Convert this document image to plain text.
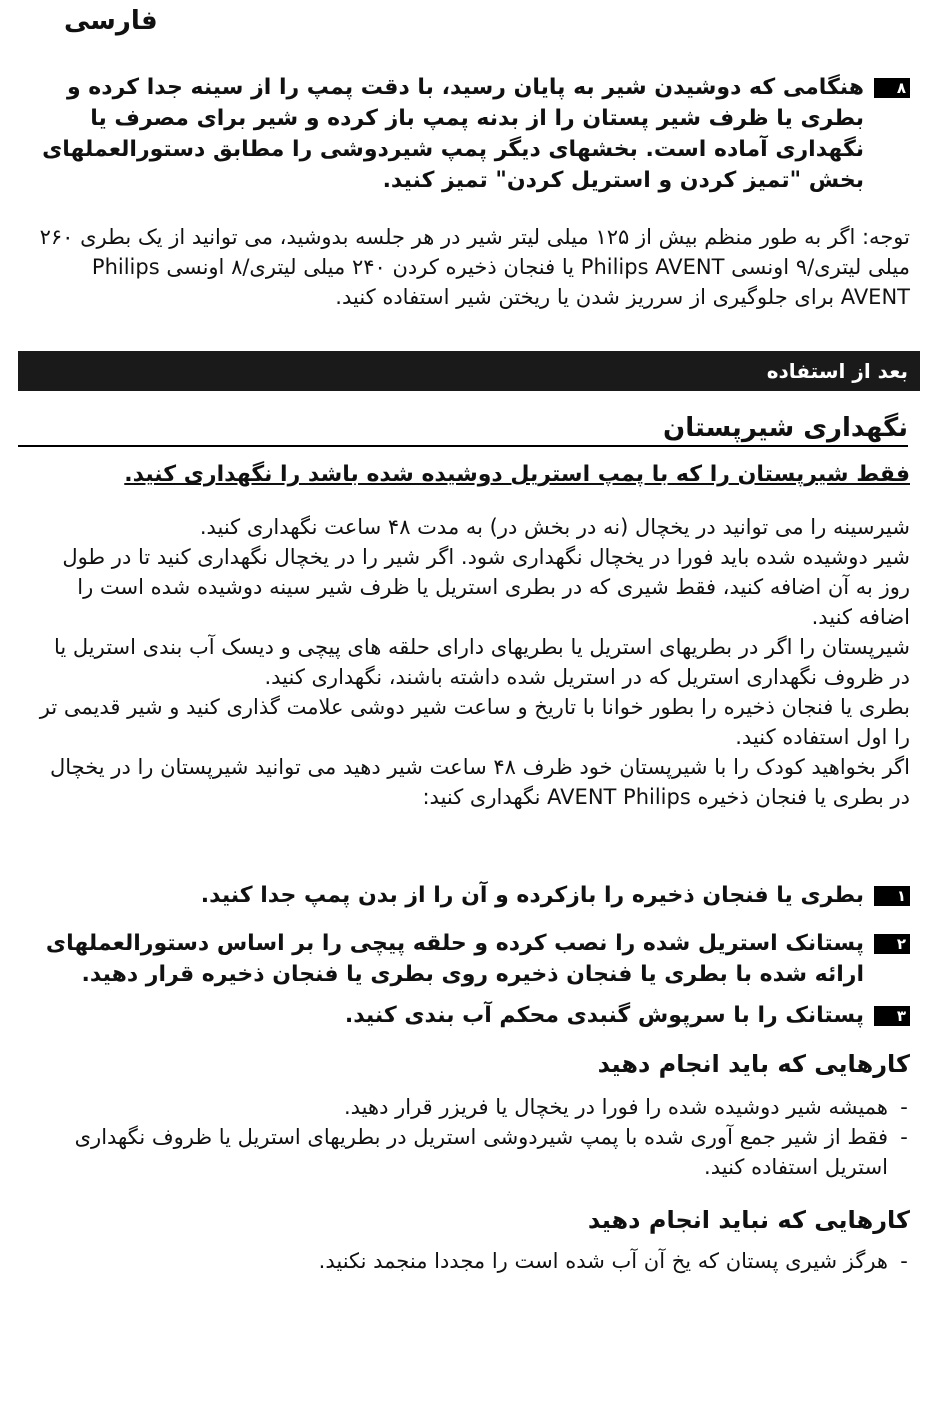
فارسی
۸
هنگامی که دوشیدن شیر به پایان رسید، با دقت پمپ را از سینه جدا کرده و بطری یا ظرف شیر پستان را از بدنه پمپ باز کرده و شیر برای مصرف یا نگهداری آماده است. بخشهای دیگر پمپ شیردوشی را مطابق دستورالعملهای بخش "تمیز کردن و استریل کردن" تمیز کنید.
توجه: اگر به طور منظم بیش از ۱۲۵ میلی لیتر شیر در هر جلسه بدوشید، می توانید از یک بطری ۲۶۰ میلی لیتری/۹ اونسی Philips AVENT یا فنجان ذخیره کردن ۲۴۰ میلی لیتری/۸ اونسی Philips AVENT برای جلوگیری از سرریز شدن یا ریختن شیر استفاده کنید.
بعد از استفاده
نگهداری شیرپستان
فقط شیرپستان را که با پمپ استریل دوشیده شده باشد را نگهداری کنید.
شیرسینه را می توانید در یخچال (نه در بخش در) به مدت ۴۸ ساعت نگهداری کنید.
شیر دوشیده شده باید فورا در یخچال نگهداری شود. اگر شیر را در یخچال نگهداری کنید تا در طول روز به آن اضافه کنید، فقط شیری که در بطری استریل یا ظرف شیر سینه دوشیده شده است را اضافه کنید.
شیرپستان را اگر در بطریهای استریل یا بطریهای دارای حلقه های پیچی و دیسک آب بندی استریل یا در ظروف نگهداری استریل که در استریل شده داشته باشند، نگهداری کنید.
بطری یا فنجان ذخیره را بطور خوانا با تاریخ و ساعت شیر دوشی علامت گذاری کنید و شیر قدیمی تر را اول استفاده کنید.
اگر بخواهید کودک را با شیرپستان خود ظرف ۴۸ ساعت شیر دهید می توانید شیرپستان را در یخچال در بطری یا فنجان ذخیره AVENT Philips نگهداری کنید:
۱
بطری یا فنجان ذخیره را بازکرده و آن را از بدن پمپ جدا کنید.
۲
پستانک استریل شده را نصب کرده و حلقه پیچی را بر اساس دستورالعملهای ارائه شده با بطری یا فنجان ذخیره روی بطری یا فنجان ذخیره قرار دهید.
۳
پستانک را با سرپوش گنبدی محکم آب بندی کنید.
کارهایی که باید انجام دهید
-
همیشه شیر دوشیده شده را فورا در یخچال یا فریزر قرار دهید.
-
فقط از شیر جمع آوری شده با پمپ شیردوشی استریل در بطریهای استریل یا ظروف نگهداری استریل استفاده کنید.
کارهایی که نباید انجام دهید
-
هرگز شیری پستان که یخ آن آب شده است را مجددا منجمد نکنید.
